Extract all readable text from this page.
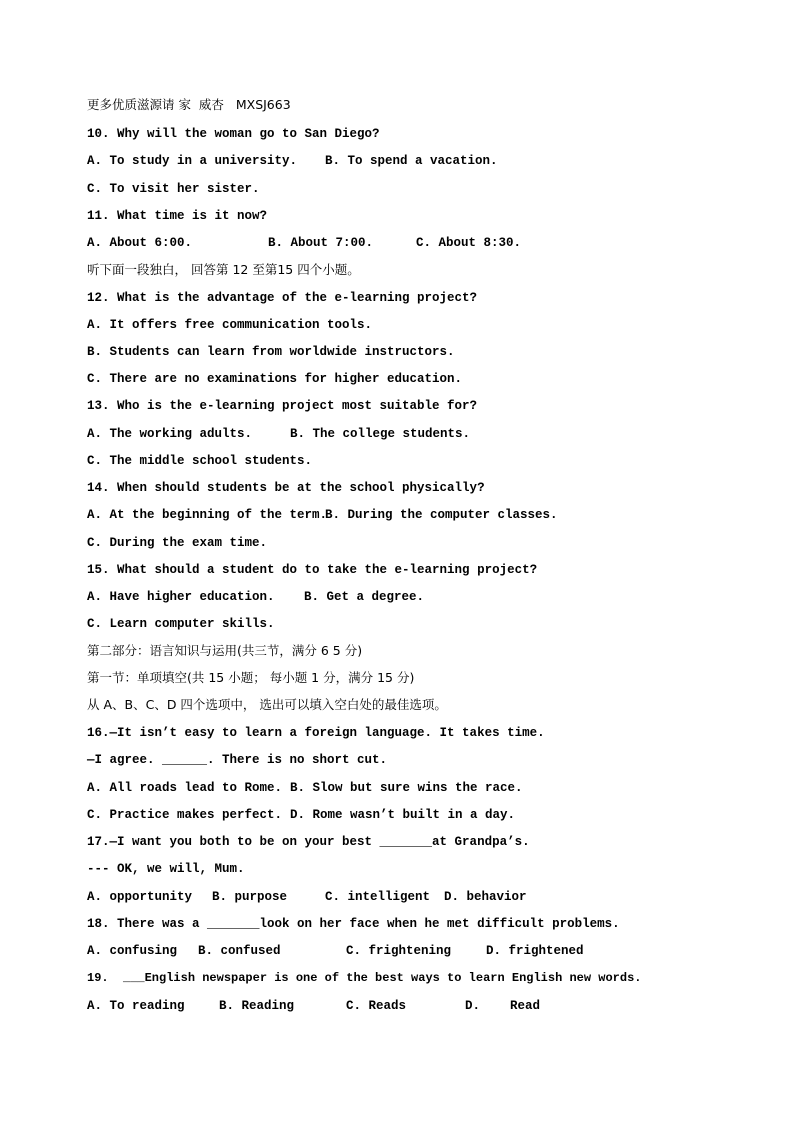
更多优质滋源请 家  威杏   MXSJ663
10. Why will the woman go to San Diego?
A. To study in a university. B. To spend a vacation.
C. To visit her sister.
11. What time is it now?
A. About 6:00.	B. About 7:00.	C. About 8:30.
听下面一段独白， 回答第 12 至第15 四个小题。
12. What is the advantage of the e-learning project?
A. It offers free communication tools.
B. Students can learn from worldwide instructors.
C. There are no examinations for higher education.
13. Who is the e-learning project most suitable for?
A. The working adults.	B. The college students.
C. The middle school students.
14. When should students be at the school physically?
A. At the beginning of the term.
B. During the computer classes.
C. During the exam time.
15. What should a student do to take the e-learning project?
A. Have higher education. B. Get a degree.
C. Learn computer skills.
第二部分：语言知识与运用(共三节，满分 6 5 分)
第一节：单项填空(共 15 小题； 每小题 1 分，满分 15 分)
从 A、B、C、D 四个选项中， 选出可以填入空白处的最佳选项。
16.—It isn’t easy to learn a foreign language. It takes time.
—I agree. ______. There is no short cut.
A. All roads lead to Rome. B. Slow but sure wins the race.
C. Practice makes perfect. D. Rome wasn’t built in a day.
17.—I want you both to be on your best _______at Grandpa’s.
--- OK, we will, Mum.
A. opportunity B. purpose	C. intelligent D. behavior
18. There was a _______look on her face when he met difficult problems.
A. confusing B. confused	C. frightening	D. frightened
19.  ___English newspaper is one of the best ways to learn English new words.
A. To reading	B. Reading	C. Reads	D.    Read
